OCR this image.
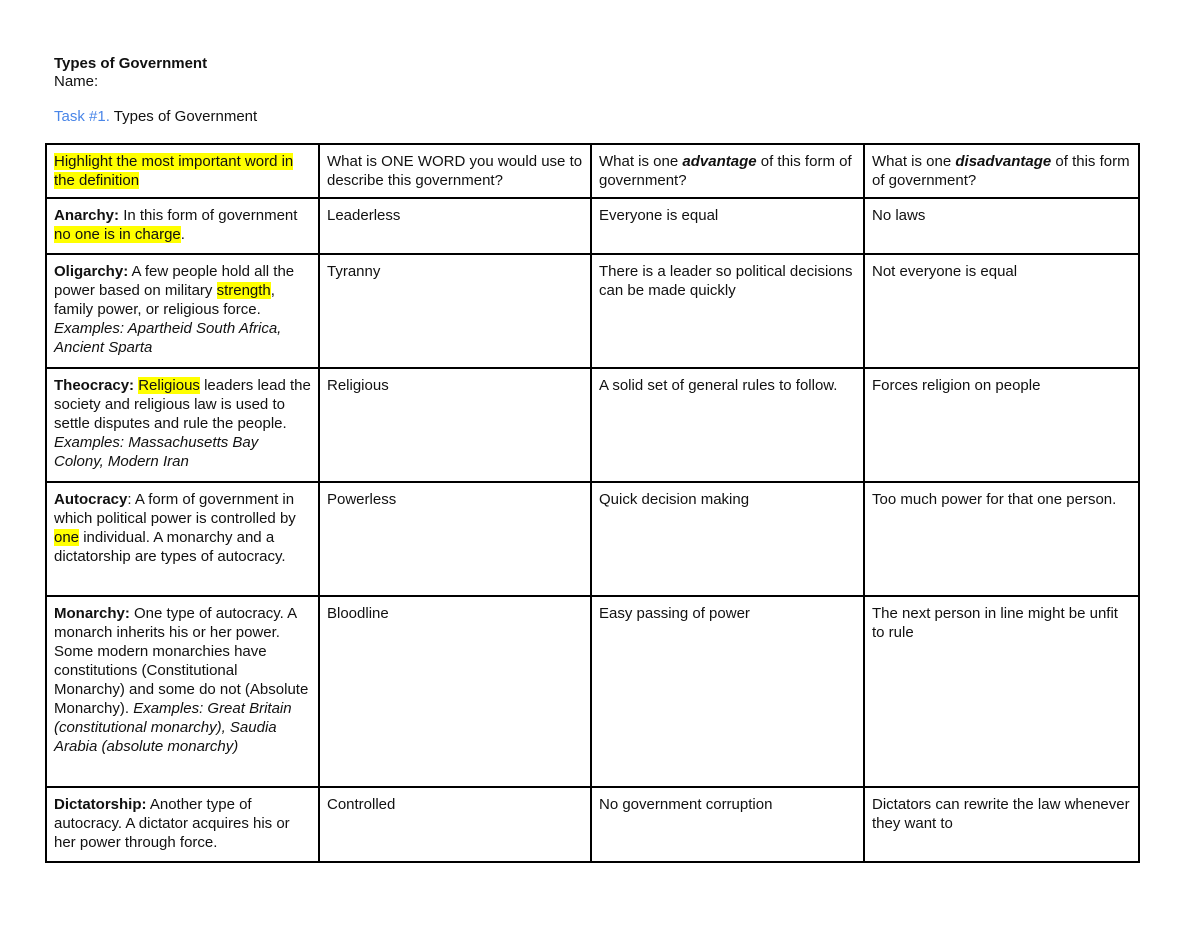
Types of Government
Name:
Task #1. Types of Government
Highlight the most important word in the definition	What is ONE WORD you would use to describe this government?	What is one advantage of this form of government?	What is one disadvantage of this form of government?
Anarchy: In this form of government no one is in charge.	Leaderless	Everyone is equal	No laws
Oligarchy: A few people hold all the power based on military strength, family power, or religious force. Examples: Apartheid South Africa, Ancient Sparta	Tyranny	There is a leader so political decisions can be made quickly	Not everyone is equal
Theocracy: Religious leaders lead the society and religious law is used to settle disputes and rule the people. Examples: Massachusetts Bay Colony, Modern Iran	Religious	A solid set of general rules to follow.	Forces religion on people
Autocracy: A form of government in which political power is controlled by one individual. A monarchy and a dictatorship are types of autocracy.	Powerless	Quick decision making	Too much power for that one person.
Monarchy: One type of autocracy. A monarch inherits his or her power. Some modern monarchies have constitutions (Constitutional Monarchy) and some do not (Absolute Monarchy). Examples: Great Britain (constitutional monarchy), Saudia Arabia (absolute monarchy)	Bloodline	Easy passing of power	The next person in line might be unfit to rule
Dictatorship: Another type of autocracy. A dictator acquires his or her power through force.	Controlled	No government corruption	Dictators can rewrite the law whenever they want to
